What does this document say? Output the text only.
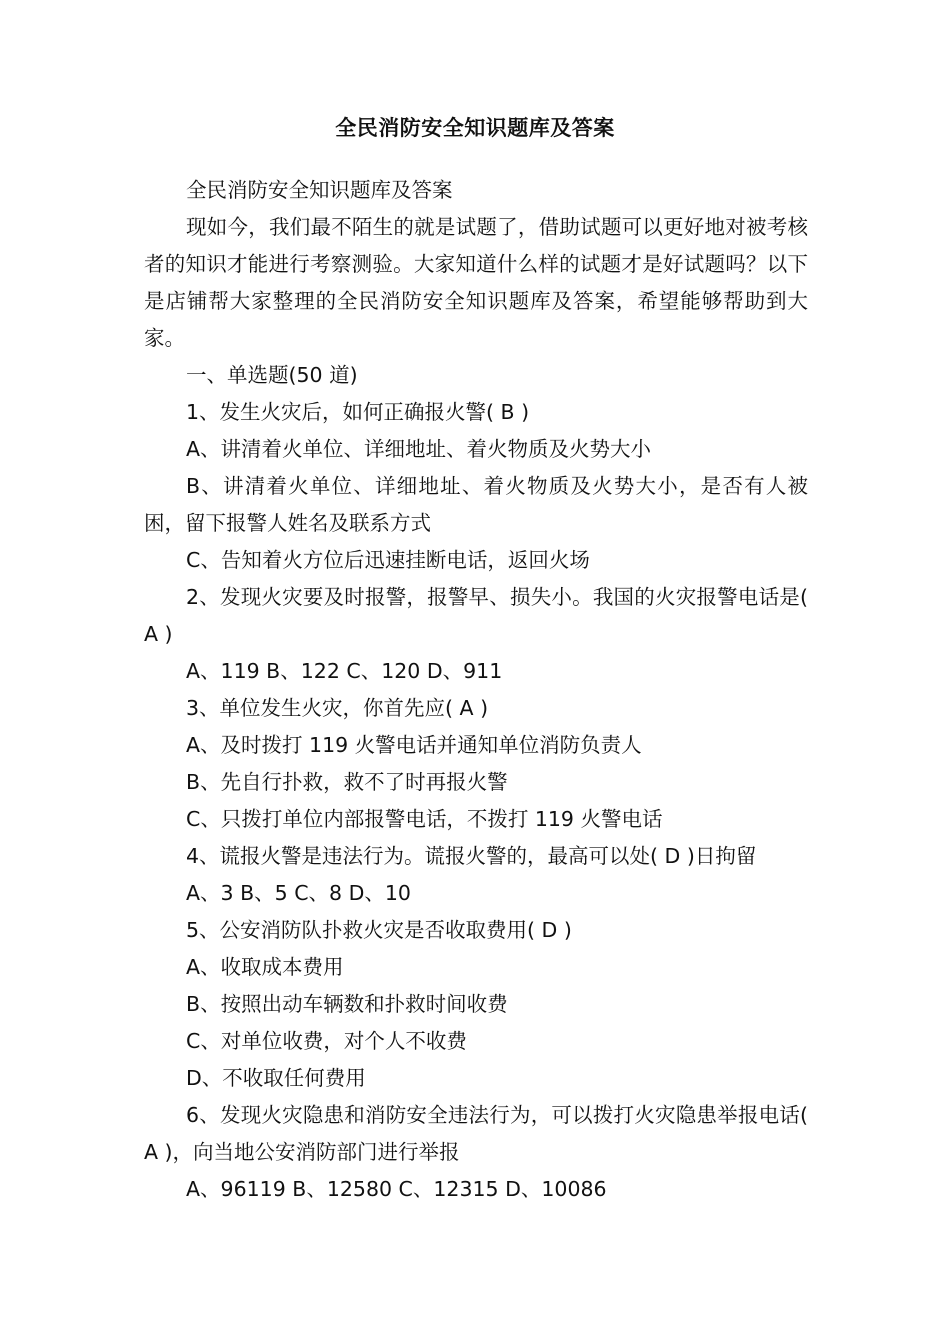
全民消防安全知识题库及答案

全民消防安全知识题库及答案

现如今，我们最不陌生的就是试题了，借助试题可以更好地对被考核者的知识才能进行考察测验。大家知道什么样的试题才是好试题吗？以下是店铺帮大家整理的全民消防安全知识题库及答案，希望能够帮助到大家。

一、单选题(50 道)

1、发生火灾后，如何正确报火警( B )

A、讲清着火单位、详细地址、着火物质及火势大小

B、讲清着火单位、详细地址、着火物质及火势大小，是否有人被困，留下报警人姓名及联系方式

C、告知着火方位后迅速挂断电话，返回火场

2、发现火灾要及时报警，报警早、损失小。我国的火灾报警电话是( A )

A、119 B、122 C、120 D、911

3、单位发生火灾，你首先应( A )

A、及时拨打 119 火警电话并通知单位消防负责人

B、先自行扑救，救不了时再报火警

C、只拨打单位内部报警电话，不拨打 119 火警电话

4、谎报火警是违法行为。谎报火警的，最高可以处( D )日拘留

A、3 B、5 C、8 D、10

5、公安消防队扑救火灾是否收取费用( D )

A、收取成本费用

B、按照出动车辆数和扑救时间收费

C、对单位收费，对个人不收费

D、不收取任何费用

6、发现火灾隐患和消防安全违法行为，可以拨打火灾隐患举报电话( A )，向当地公安消防部门进行举报

A、96119 B、12580 C、12315 D、10086
